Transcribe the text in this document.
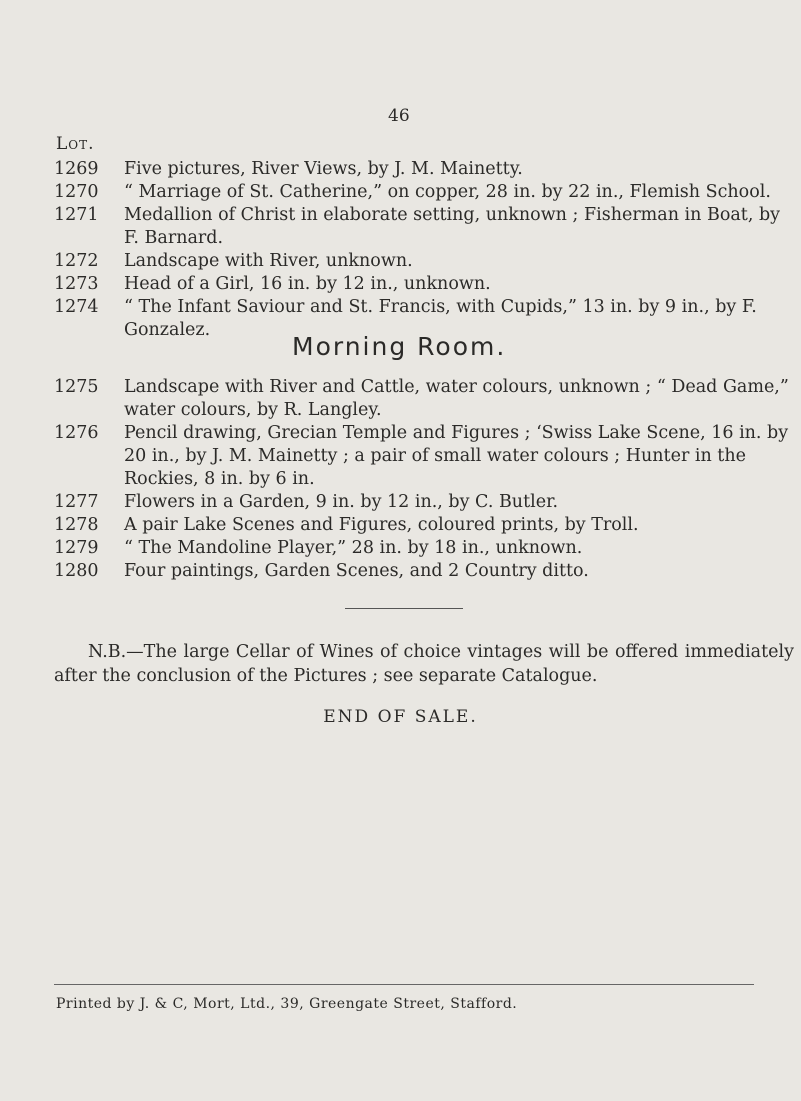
46
Lot.
1269	Five pictures, River Views, by J. M. Mainetty.
1270	“ Marriage of St. Catherine,” on copper, 28 in. by 22 in., Flemish School.
1271	Medallion of Christ in elaborate setting, unknown ; Fisherman in Boat, by F. Barnard.
1272	Landscape with River, unknown.
1273	Head of a Girl, 16 in. by 12 in., unknown.
1274	“ The Infant Saviour and St. Francis, with Cupids,” 13 in. by 9 in., by F. Gonzalez.
Morning Room.
1275	Landscape with River and Cattle, water colours, unknown ; “ Dead Game,” water colours, by R. Langley.
1276	Pencil drawing, Grecian Temple and Figures ; ‘Swiss Lake Scene, 16 in. by 20 in., by J. M. Mainetty ; a pair of small water colours ; Hunter in the Rockies, 8 in. by 6 in.
1277	Flowers in a Garden, 9 in. by 12 in., by C. Butler.
1278	A pair Lake Scenes and Figures, coloured prints, by Troll.
1279	“ The Mandoline Player,” 28 in. by 18 in., unknown.
1280	Four paintings, Garden Scenes, and 2 Country ditto.
N.B.—The large Cellar of Wines of choice vintages will be offered immediately after the conclusion of the Pictures ; see separate Catalogue.
END OF SALE.
Printed by J. & C, Mort, Ltd., 39, Greengate Street, Stafford.
